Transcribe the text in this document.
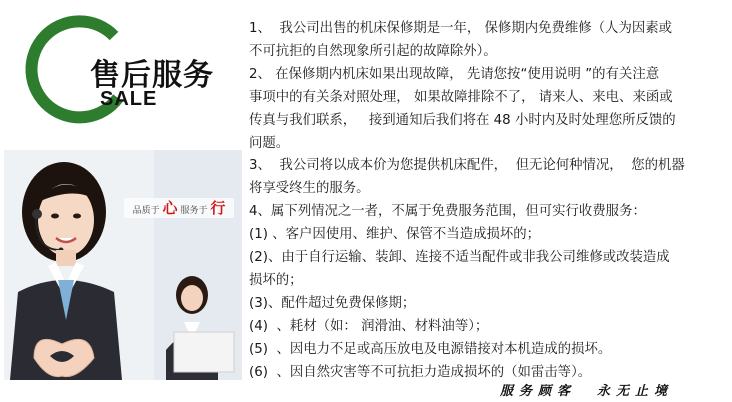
售后服务
SALE
品质于 心 服务于 行

1、  我公司出售的机床保修期是一年， 保修期内免费维修（人为因素或

不可抗拒的自然现象所引起的故障除外）。

2、 在保修期内机床如果出现故障， 先请您按“使用说明 ”的有关注意

事项中的有关条对照处理， 如果故障排除不了， 请来人、来电、来函或

传真与我们联系，   接到通知后我们将在 48 小时内及时处理您所反馈的

问题。

3、  我公司将以成本价为您提供机床配件，  但无论何种情况，  您的机器

将享受终生的服务。

4、属下列情况之一者，不属于免费服务范围，但可实行收费服务：

(1) 、客户因使用、维护、保管不当造成损坏的；

(2)、由于自行运输、装卸、连接不适当配件或非我公司维修或改装造成

损坏的；

(3)、配件超过免费保修期；

(4)  、耗材（如： 润滑油、材料油等）；

(5)  、因电力不足或高压放电及电源错接对本机造成的损坏。

(6)  、因自然灾害等不可抗拒力造成损坏的（如雷击等）。

服务顾客  永无止境
